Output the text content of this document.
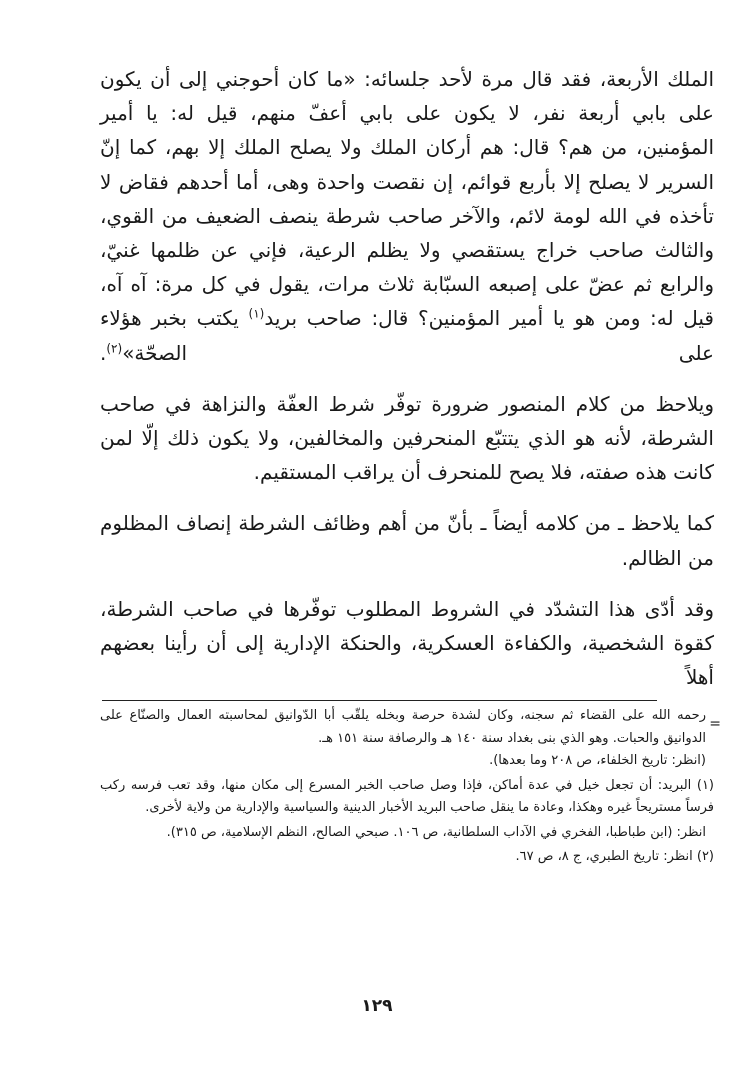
الملك الأربعة، فقد قال مرة لأحد جلسائه: «ما كان أحوجني إلى أن يكون على بابي أربعة نفر، لا يكون على بابي أعفّ منهم، قيل له: يا أمير المؤمنين، من هم؟ قال: هم أركان الملك ولا يصلح الملك إلا بهم، كما إنّ السرير لا يصلح إلا بأربع قوائم، إن نقصت واحدة وهى، أما أحدهم فقاض لا تأخذه في الله لومة لائم، والآخر صاحب شرطة ينصف الضعيف من القوي، والثالث صاحب خراج يستقصي ولا يظلم الرعية، فإني عن ظلمها غنيّ، والرابع ثم عضّ على إصبعه السبّابة ثلاث مرات، يقول في كل مرة: آه آه، قيل له: ومن هو يا أمير المؤمنين؟ قال: صاحب بريد$^{(١)}$ يكتب بخبر هؤلاء على الصحّة»$^{(٢)}$.

ويلاحظ من كلام المنصور ضرورة توفّر شرط العفّة والنزاهة في صاحب الشرطة، لأنه هو الذي يتتبّع المنحرفين والمخالفين، ولا يكون ذلك إلّا لمن كانت هذه صفته، فلا يصح للمنحرف أن يراقب المستقيم.

كما يلاحظ ـ من كلامه أيضاً ـ بأنّ من أهم وظائف الشرطة إنصاف المظلوم من الظالم.

وقد أدّى هذا التشدّد في الشروط المطلوب توفّرها في صاحب الشرطة، كقوة الشخصية، والكفاءة العسكرية، والحنكة الإدارية إلى أن رأينا بعضهم أهلاً

=

رحمه الله على القضاء ثم سجنه، وكان لشدة حرصة وبخله يلقّب أبا الدّوانيق لمحاسبته العمال والصنّاع على الدوانيق والحبات. وهو الذي بنى بغداد سنة ١٤٠ هـ والرصافة سنة ١٥١ هـ.

(انظر: تاريخ الخلفاء، ص ٢٠٨ وما بعدها).

(١) البريد: أن تجعل خيل في عدة أماكن، فإذا وصل صاحب الخبر المسرع إلى مكان منها، وقد تعب فرسه ركب فرساً مستريحاً غيره وهكذا، وعادة ما ينقل صاحب البريد الأخبار الدينية والسياسية والإدارية من ولاية لأخرى.

انظر: (ابن طباطبا، الفخري في الآداب السلطانية، ص ١٠٦. صبحي الصالح، النظم الإسلامية، ص ٣١٥).

(٢) انظر: تاريخ الطبري، ج ٨، ص ٦٧.

١٢٩
